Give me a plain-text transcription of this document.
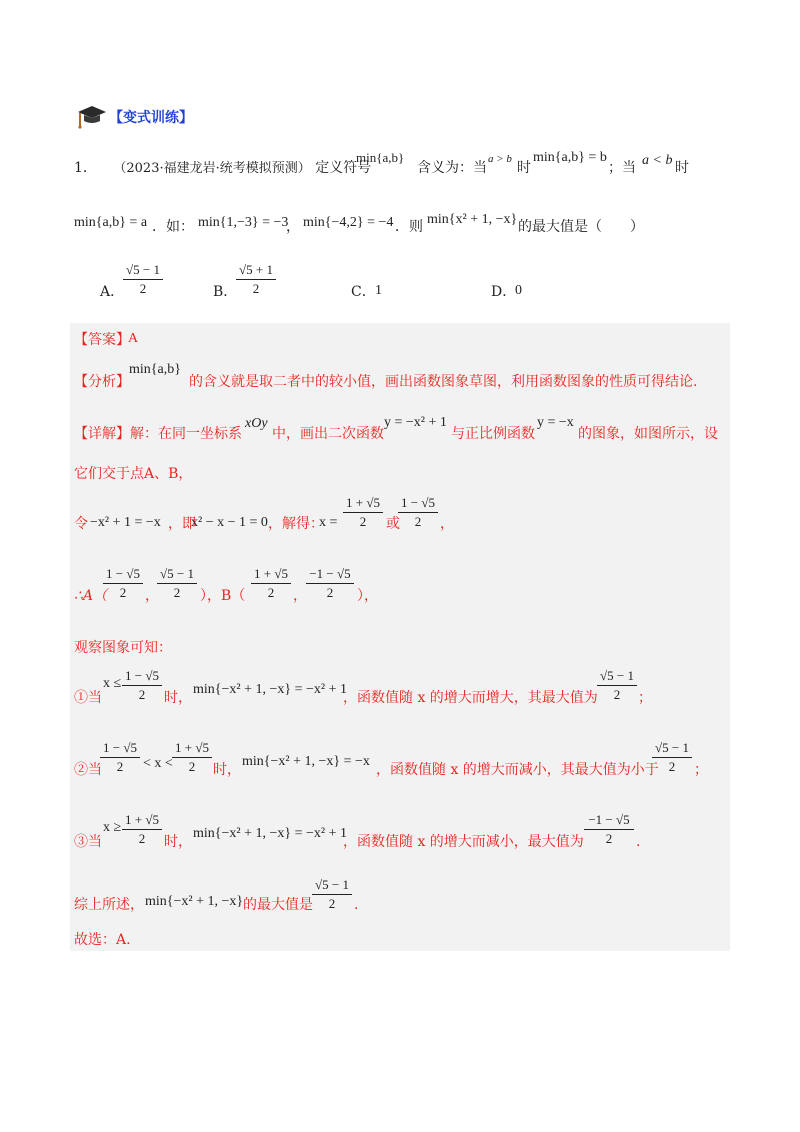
【变式训练】
1． （2023·福建龙岩·统考模拟预测） 定义符号
min{a,b}
含义为：当
a > b
时
min{a,b} = b
；当 a < b 时
min{a,b} = a ．如： min{1,−3} = −3
， min{−4,2} = −4 ．则 min{x² + 1, −x} 的最大值是（　　）
A．
√5 − 1
2	B．
√5 + 1
2	C． 1	D．
0
【答案】
A
【分析】
min{a,b}
的含义就是取二者中的较小值，画出函数图象草图，利用函数图象的性质可得结论.
【详解】 解：在同一坐标系
xOy
中，画出二次函数
y = −x² + 1
与正比例函数
y = −x
的图象，如图所示，设
它们交于点A、B，
令 −x² + 1 = −x ，即
x² − x − 1 = 0 ，解得：
x =
1 + √5
2	或
1 − √5
2	，
∴A（
1 − √5
2	，
√5 − 1
2	），B（
1 + √5
2	，
−1 − √5
2	），
观察图象可知：
①当
x ≤
1 − √5
2	时，
min{−x² + 1, −x} = −x² + 1
，函数值随 x 的增大而增大，其最大值为
√5 − 1
2	；
②当
1 − √5
2	< x <
1 + √5
2	时，
min{−x² + 1, −x} = −x
，函数值随 x 的增大而减小，其最大值为小于
√5 − 1
2	；
③当
x ≥
1 + √5
2	时，
min{−x² + 1, −x} = −x² + 1
，函数值随 x 的增大而减小，最大值为
−1 − √5
2	.
综上所述， min{−x² + 1, −x} 的最大值是
√5 − 1
2	.
故选：A.
